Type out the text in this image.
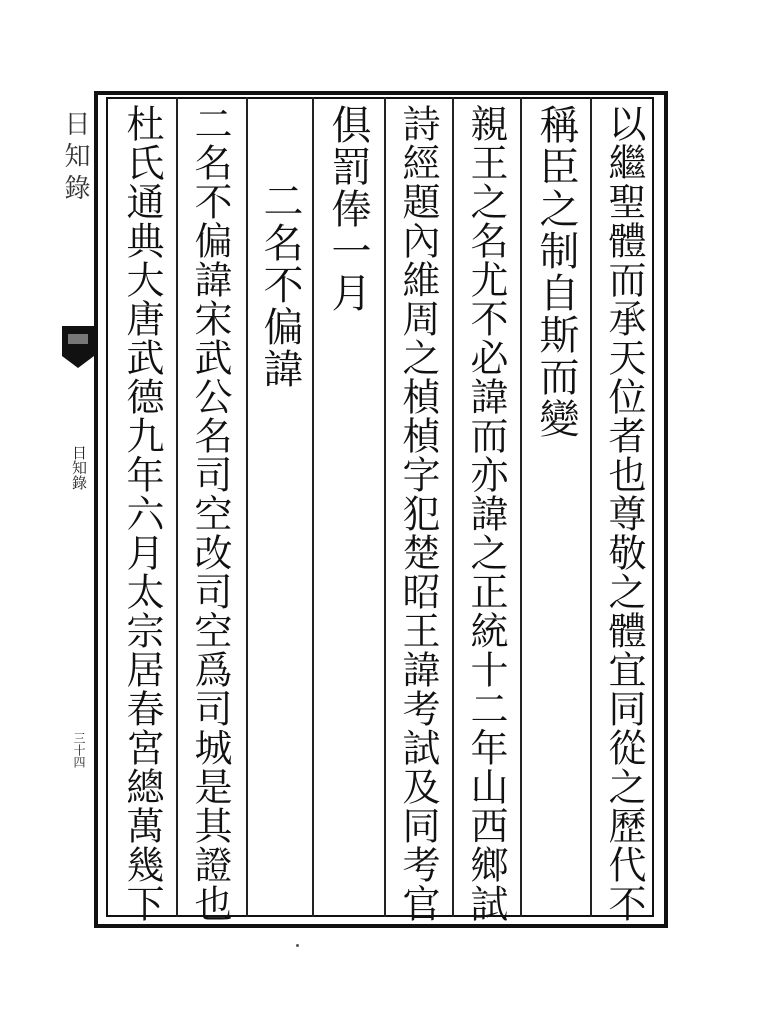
以繼聖體而承天位者也尊敬之體宜同從之歷代不
稱臣之制自斯而變
親王之名尤不必諱而亦諱之正統十二年山西鄉試
詩經題內維周之楨楨字犯楚昭王諱考試及同考官
俱罰俸一月
二名不偏諱
二名不偏諱宋武公名司空改司空爲司城是其證也
杜氏通典大唐武德九年六月太宗居春宮總萬幾下
日知錄
日知錄
三十四
